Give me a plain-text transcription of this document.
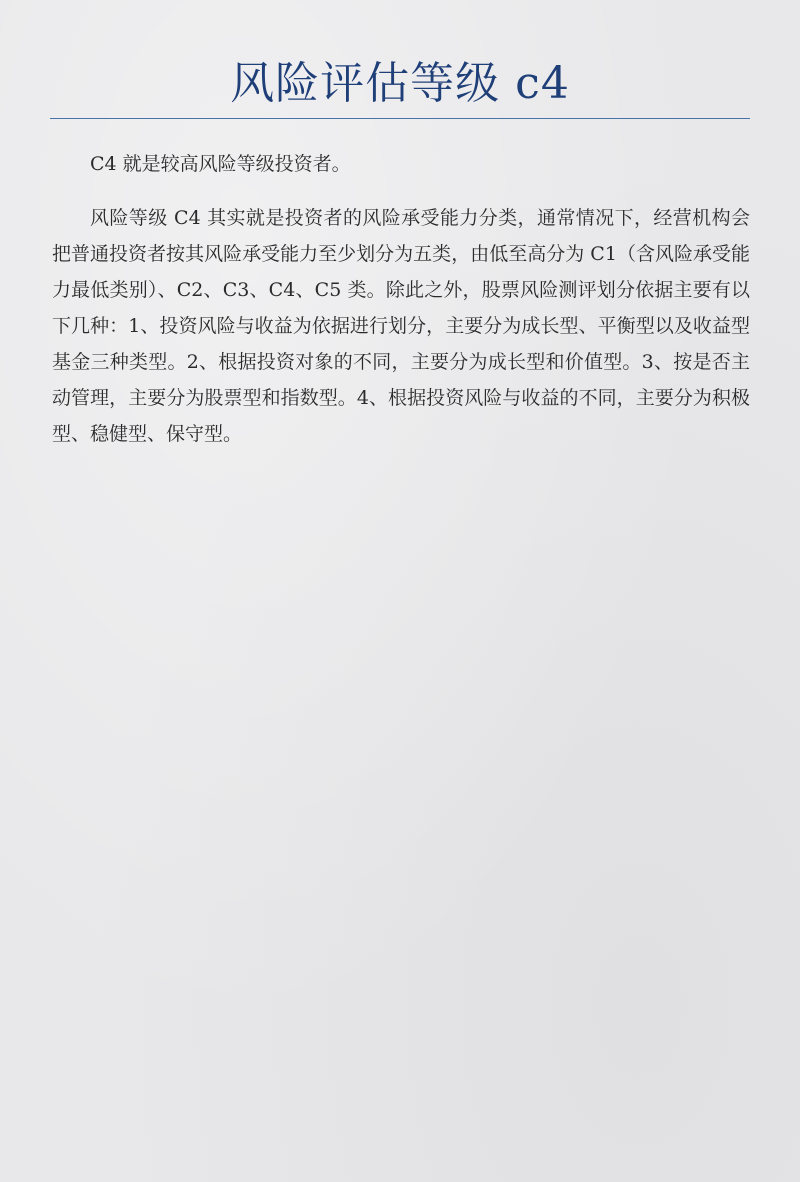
风险评估等级 c4

C4 就是较高风险等级投资者。

风险等级 C4 其实就是投资者的风险承受能力分类，通常情况下，经营机构会把普通投资者按其风险承受能力至少划分为五类，由低至高分为 C1（含风险承受能力最低类别）、C2、C3、C4、C5 类。除此之外，股票风险测评划分依据主要有以下几种：1、投资风险与收益为依据进行划分，主要分为成长型、平衡型以及收益型基金三种类型。2、根据投资对象的不同，主要分为成长型和价值型。3、按是否主动管理，主要分为股票型和指数型。4、根据投资风险与收益的不同，主要分为积极型、稳健型、保守型。
